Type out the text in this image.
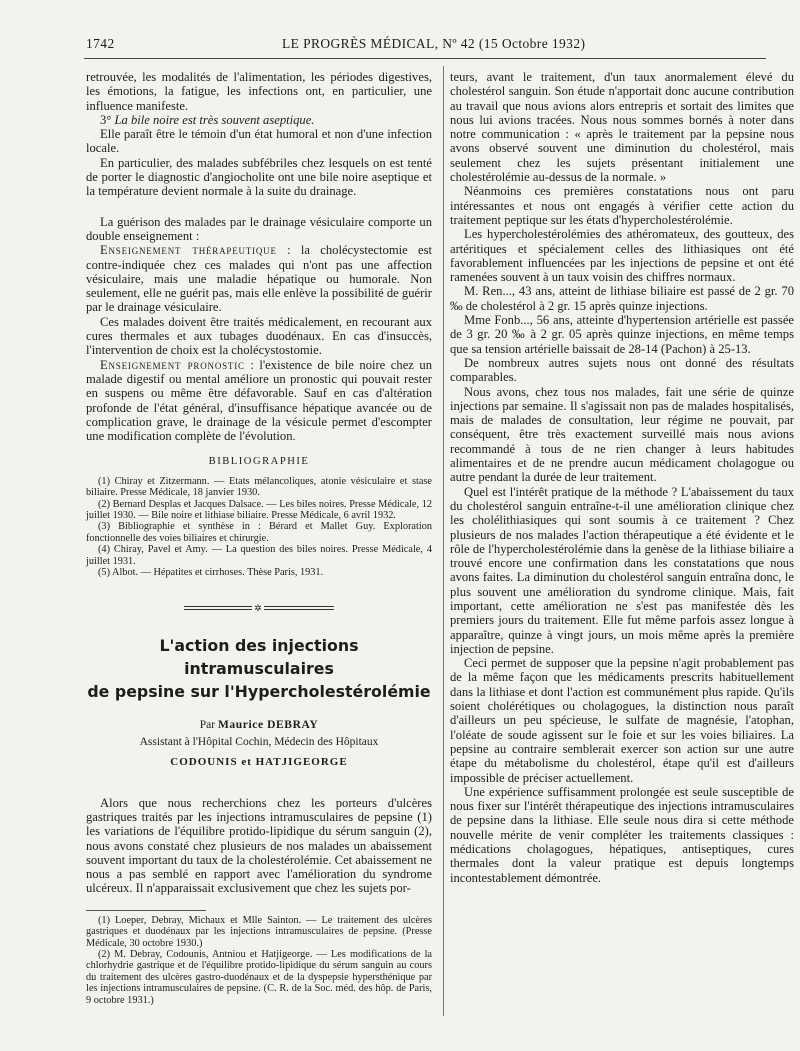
1742	LE PROGRÈS MÉDICAL, Nº 42 (15 Octobre 1932)

retrouvée, les modalités de l'alimentation, les périodes digestives, les émotions, la fatigue, les infections ont, en particulier, une influence manifeste.

3° La bile noire est très souvent aseptique.

Elle paraît être le témoin d'un état humoral et non d'une infection locale.

En particulier, des malades subfébriles chez lesquels on est tenté de porter le diagnostic d'angiocholite ont une bile noire aseptique et la température devient normale à la suite du drainage.

La guérison des malades par le drainage vésiculaire comporte un double enseignement :

Enseignement thérapeutique : la cholécystectomie est contre-indiquée chez ces malades qui n'ont pas une affection vésiculaire, mais une maladie hépatique ou humorale. Non seulement, elle ne guérit pas, mais elle enlève la possibilité de guérir par le drainage vésiculaire.

Ces malades doivent être traités médicalement, en recourant aux cures thermales et aux tubages duodénaux. En cas d'insuccès, l'intervention de choix est la cholécystostomie.

Enseignement pronostic : l'existence de bile noire chez un malade digestif ou mental améliore un pronostic qui pouvait rester en suspens ou même être défavorable. Sauf en cas d'altération profonde de l'état général, d'insuffisance hépatique avancée ou de complication grave, le drainage de la vésicule permet d'escompter une modification complète de l'évolution.

BIBLIOGRAPHIE

(1) Chiray et Zitzermann. — Etats mélancoliques, atonie vésiculaire et stase biliaire. Presse Médicale, 18 janvier 1930.

(2) Bernard Desplas et Jacques Dalsace. — Les biles noires. Presse Médicale, 12 juillet 1930. — Bile noire et lithiase biliaire. Presse Médicale, 6 avril 1932.

(3) Bibliographie et synthèse in : Bérard et Mallet Guy. Exploration fonctionnelle des voies biliaires et chirurgie.

(4) Chiray, Pavel et Amy. — La question des biles noires. Presse Médicale, 4 juillet 1931.

(5) Albot. — Hépatites et cirrhoses. Thèse Paris, 1931.

✲
L'action des injections intramusculaires
de pepsine sur l'Hypercholestérolémie
Par Maurice DEBRAY
Assistant à l'Hôpital Cochin, Médecin des Hôpitaux
CODOUNIS et HATJIGEORGE

Alors que nous recherchions chez les porteurs d'ulcères gastriques traités par les injections intramusculaires de pepsine (1) les variations de l'équilibre protido-lipidique du sérum sanguin (2), nous avons constaté chez plusieurs de nos malades un abaissement souvent important du taux de la cholestérolémie. Cet abaissement ne nous a pas semblé en rapport avec l'amélioration du syndrome ulcéreux. Il n'apparaissait exclusivement que chez les sujets por-

(1) Loeper, Debray, Michaux et Mlle Sainton. — Le traitement des ulcères gastriques et duodénaux par les injections intramusculaires de pepsine. (Presse Médicale, 30 octobre 1930.)

(2) M. Debray, Codounis, Antniou et Hatjigeorge. — Les modifications de la chlorhydrie gastrique et de l'équilibre protido-lipidique du sérum sanguin au cours du traitement des ulcères gastro-duodénaux et de la dyspepsie hypersthénique par les injections intramusculaires de pepsine. (C. R. de la Soc. méd. des hôp. de Paris, 9 octobre 1931.)

teurs, avant le traitement, d'un taux anormalement élevé du cholestérol sanguin. Son étude n'apportait donc aucune contribution au travail que nous avions alors entrepris et sortait des limites que nous lui avions tracées. Nous nous sommes bornés à noter dans notre communication : « après le traitement par la pepsine nous avons observé souvent une diminution du cholestérol, mais seulement chez les sujets présentant initialement une cholestérolémie au-dessus de la normale. »

Néanmoins ces premières constatations nous ont paru intéressantes et nous ont engagés à vérifier cette action du traitement peptique sur les états d'hypercholestérolémie.

Les hypercholestérolémies des athéromateux, des goutteux, des artéritiques et spécialement celles des lithiasiques ont été favorablement influencées par les injections de pepsine et ont été ramenées souvent à un taux voisin des chiffres normaux.

M. Ren..., 43 ans, atteint de lithiase biliaire est passé de 2 gr. 70 ‰ de cholestérol à 2 gr. 15 après quinze injections.

Mme Fonb..., 56 ans, atteinte d'hypertension artérielle est passée de 3 gr. 20 ‰ à 2 gr. 05 après quinze injections, en même temps que sa tension artérielle baissait de 28-14 (Pachon) à 25-13.

De nombreux autres sujets nous ont donné des résultats comparables.

Nous avons, chez tous nos malades, fait une série de quinze injections par semaine. Il s'agissait non pas de malades hospitalisés, mais de malades de consultation, leur régime ne pouvait, par conséquent, être très exactement surveillé mais nous avions recommandé à tous de ne rien changer à leurs habitudes alimentaires et de ne prendre aucun médicament cholagogue ou autre pendant la durée de leur traitement.

Quel est l'intérêt pratique de la méthode ? L'abaissement du taux du cholestérol sanguin entraîne-t-il une amélioration clinique chez les cholélithiasiques qui sont soumis à ce traitement ? Chez plusieurs de nos malades l'action thérapeutique a été évidente et le rôle de l'hypercholestérolémie dans la genèse de la lithiase biliaire a trouvé encore une confirmation dans les constatations que nous avons faites. La diminution du cholestérol sanguin entraîna donc, le plus souvent une amélioration du syndrome clinique. Mais, fait important, cette amélioration ne s'est pas manifestée dès les premiers jours du traitement. Elle fut même parfois assez longue à apparaître, quinze à vingt jours, un mois même après la première injection de pepsine.

Ceci permet de supposer que la pepsine n'agit probablement pas de la même façon que les médicaments prescrits habituellement dans la lithiase et dont l'action est communément plus rapide. Qu'ils soient cholérétiques ou cholagogues, la distinction nous paraît d'ailleurs un peu spécieuse, le sulfate de magnésie, l'atophan, l'oléate de soude agissent sur le foie et sur les voies biliaires. La pepsine au contraire semblerait exercer son action sur une autre étape du métabolisme du cholestérol, étape qu'il est d'ailleurs impossible de préciser actuellement.

Une expérience suffisamment prolongée est seule susceptible de nous fixer sur l'intérêt thérapeutique des injections intramusculaires de pepsine dans la lithiase. Elle seule nous dira si cette méthode nouvelle mérite de venir compléter les traitements classiques : médications cholagogues, hépatiques, antiseptiques, cures thermales dont la valeur pratique est depuis longtemps incontestablement démontrée.
